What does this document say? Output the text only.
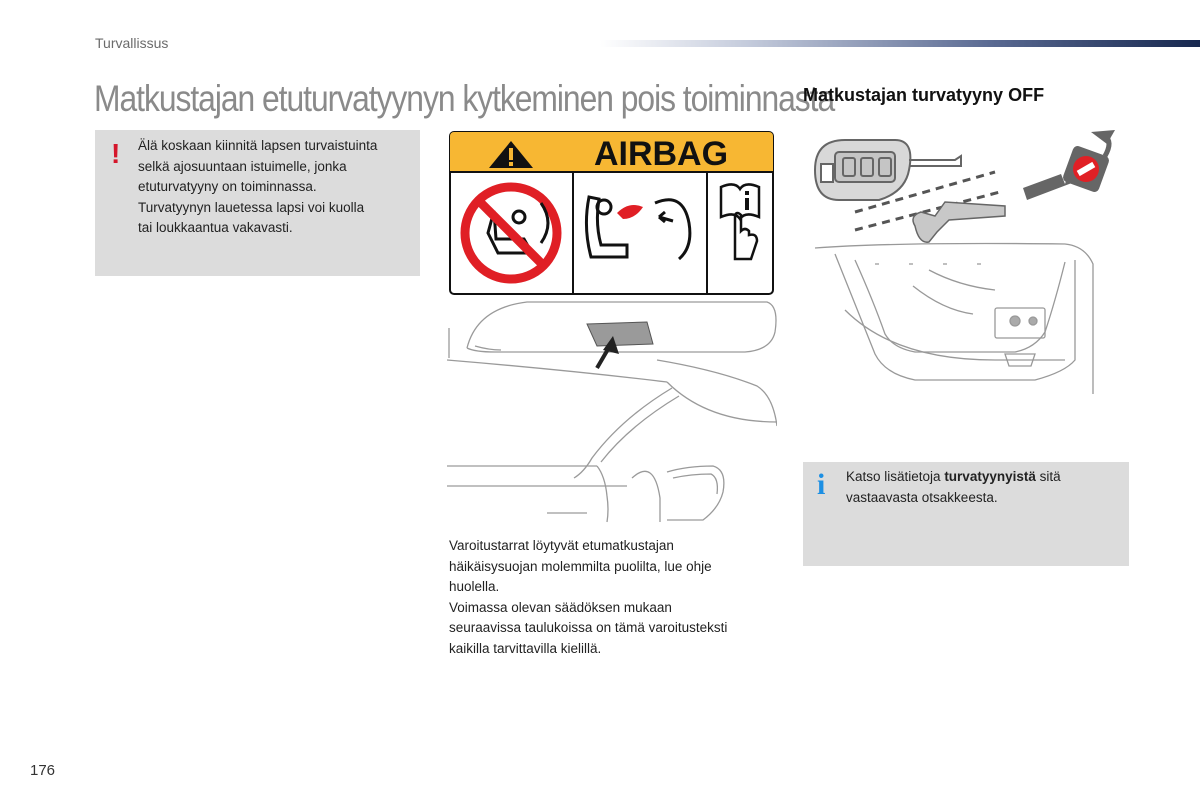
Turvallissus
Matkustajan etuturvatyynyn kytkeminen pois toiminnasta
Matkustajan turvatyyny OFF
! Älä koskaan kiinnitä lapsen turvaistuinta
selkä ajosuuntaan istuimelle, jonka
etuturvatyyny on toiminnassa.
Turvatyynyn lauetessa lapsi voi kuolla
tai loukkaantua vakavasti.
AIRBAG

Varoitustarrat löytyvät etumatkustajan
häikäisysuojan molemmilta puolilta, lue ohje
huolella.

Voimassa olevan säädöksen mukaan
seuraavissa taulukoissa on tämä varoitusteksti
kaikilla tarvittavilla kielillä.

i Katso lisätietoja turvatyynyistä sitä
vastaavasta otsakkeesta.
176
